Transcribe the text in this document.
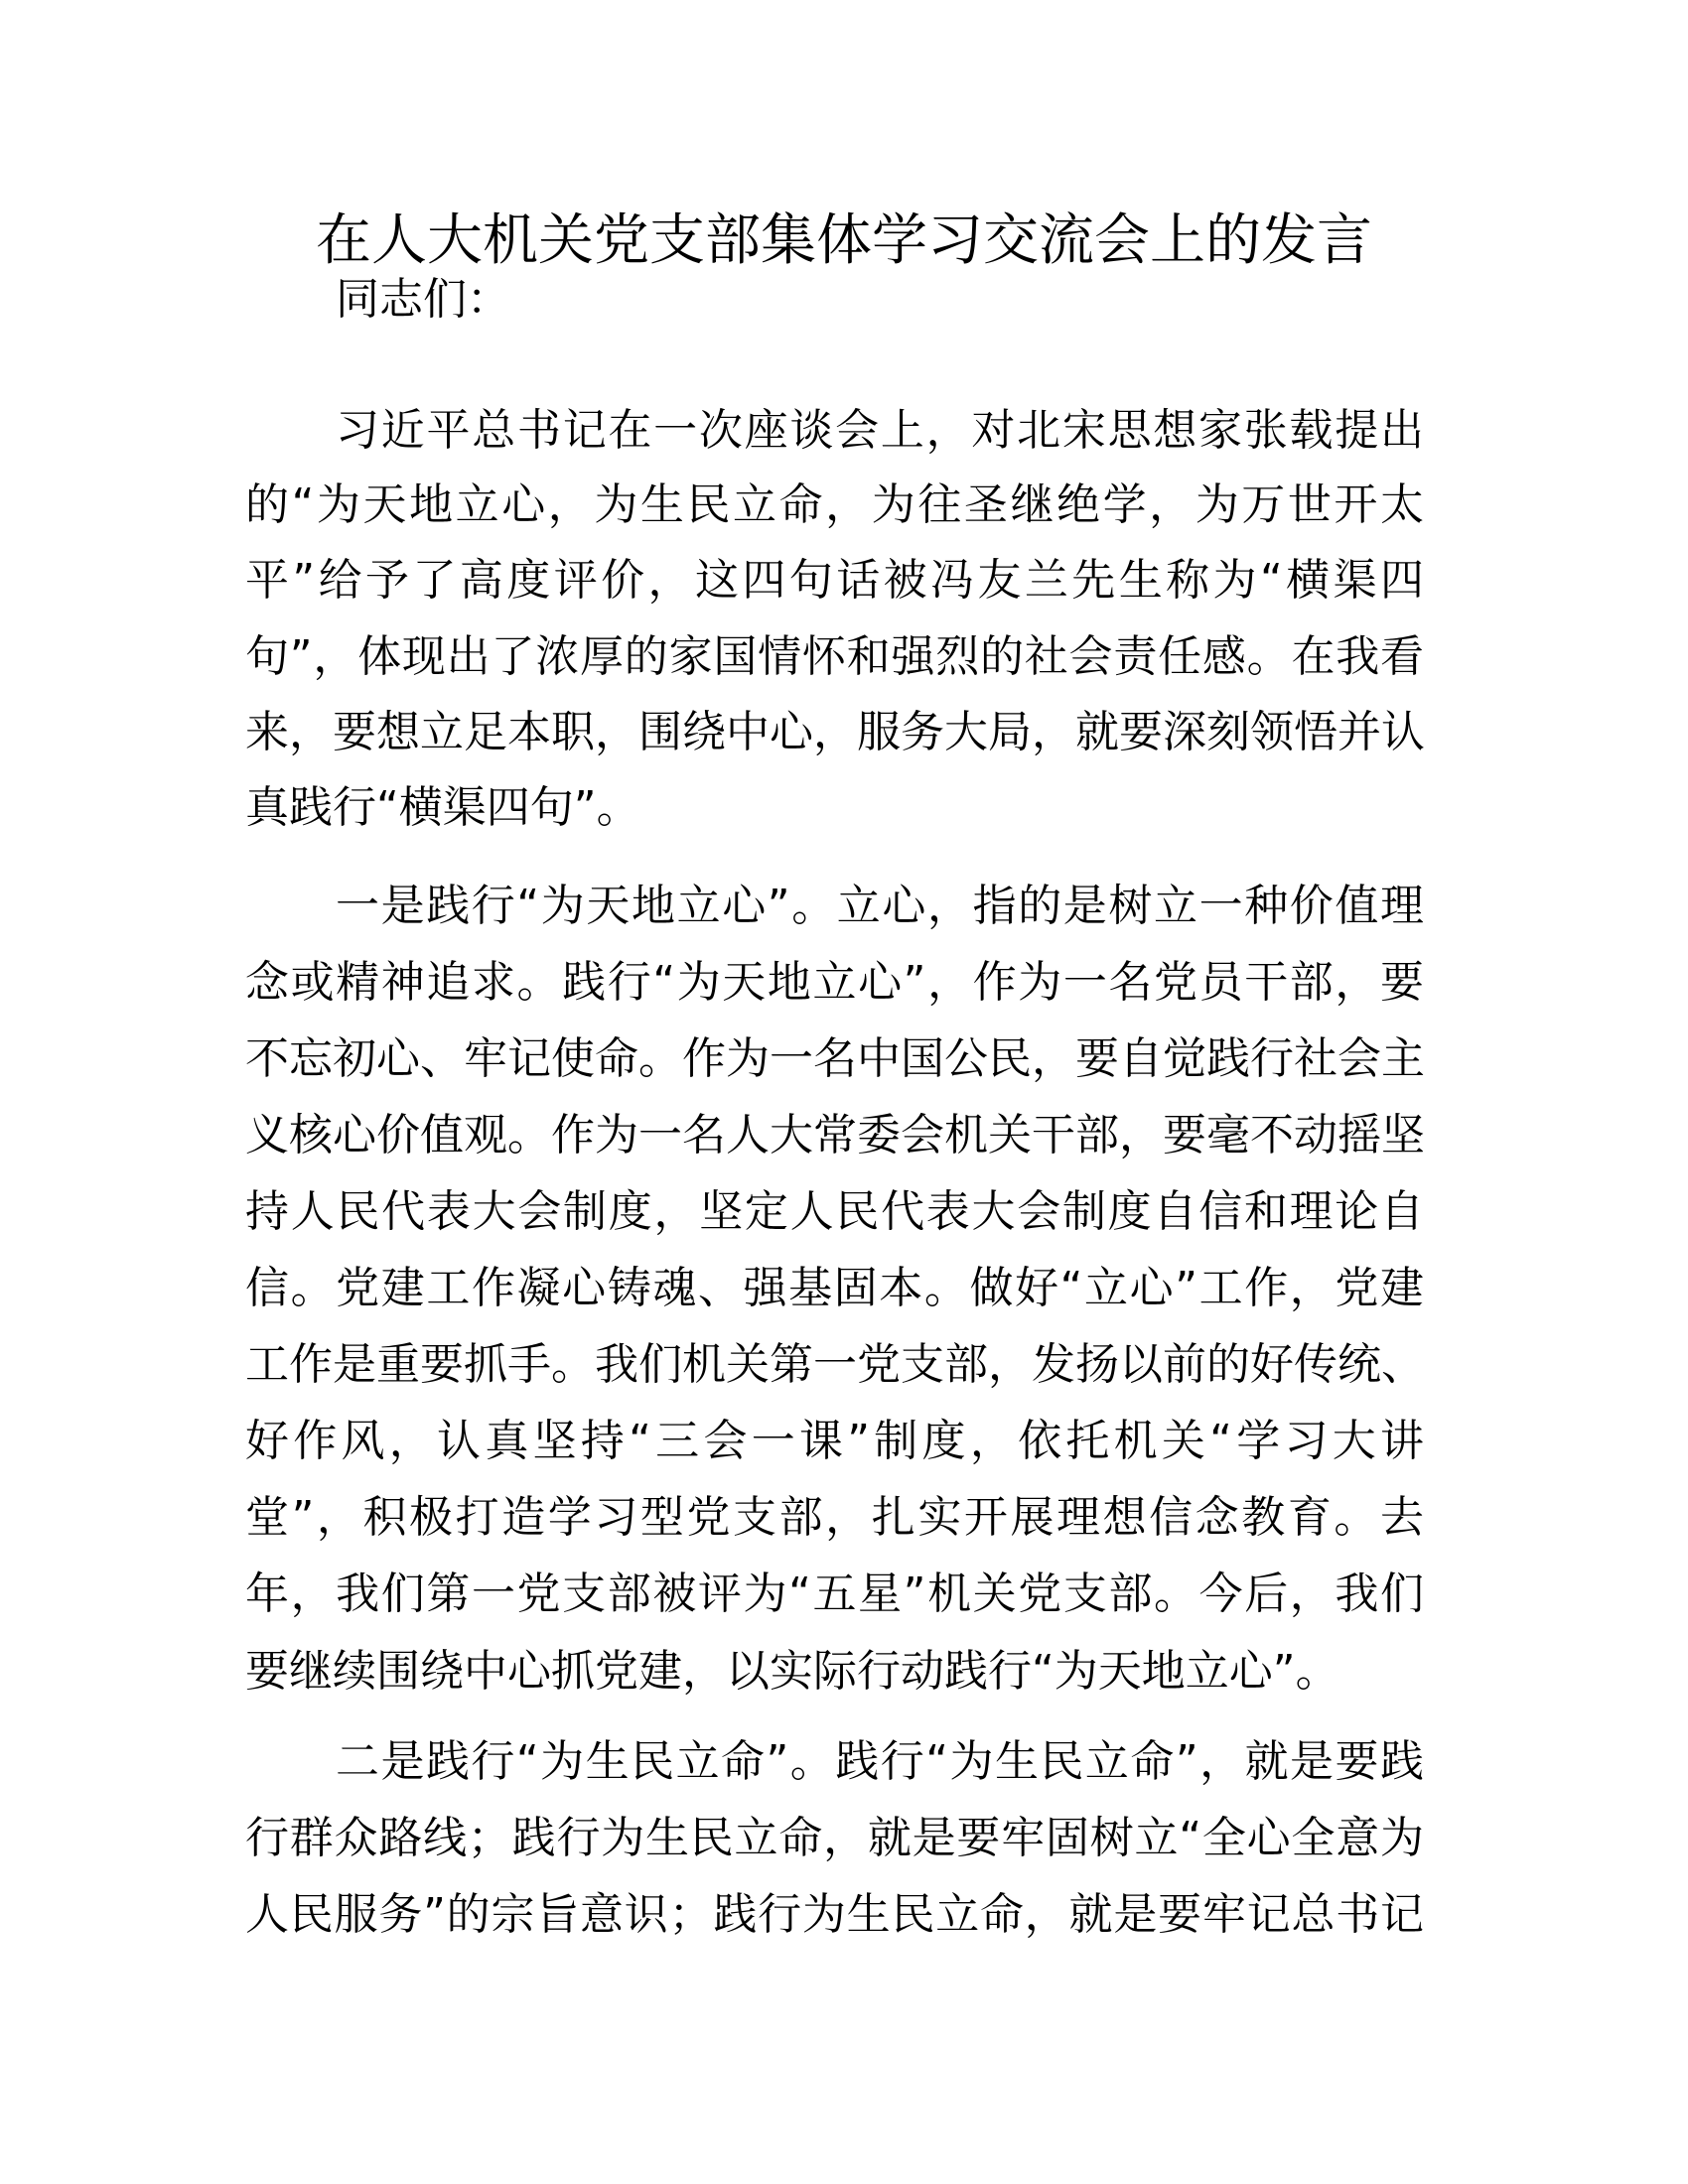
在人大机关党支部集体学习交流会上的发言
同志们：
习近平总书记在一次座谈会上，对北宋思想家张载提出
的“为天地立心，为生民立命，为往圣继绝学，为万世开太
平”给予了高度评价，这四句话被冯友兰先生称为“横渠四
句”，体现出了浓厚的家国情怀和强烈的社会责任感。在我看
来，要想立足本职，围绕中心，服务大局，就要深刻领悟并认
真践行“横渠四句”。
一是践行“为天地立心”。立心，指的是树立一种价值理
念或精神追求。践行“为天地立心”，作为一名党员干部，要
不忘初心、牢记使命。作为一名中国公民，要自觉践行社会主
义核心价值观。作为一名人大常委会机关干部，要毫不动摇坚
持人民代表大会制度，坚定人民代表大会制度自信和理论自
信。党建工作凝心铸魂、强基固本。做好“立心”工作，党建
工作是重要抓手。我们机关第一党支部，发扬以前的好传统、
好作风，认真坚持“三会一课”制度，依托机关“学习大讲
堂”，积极打造学习型党支部，扎实开展理想信念教育。去
年，我们第一党支部被评为“五星”机关党支部。今后，我们
要继续围绕中心抓党建，以实际行动践行“为天地立心”。
二是践行“为生民立命”。践行“为生民立命”，就是要践
行群众路线；践行为生民立命，就是要牢固树立“全心全意为
人民服务”的宗旨意识；践行为生民立命，就是要牢记总书记
